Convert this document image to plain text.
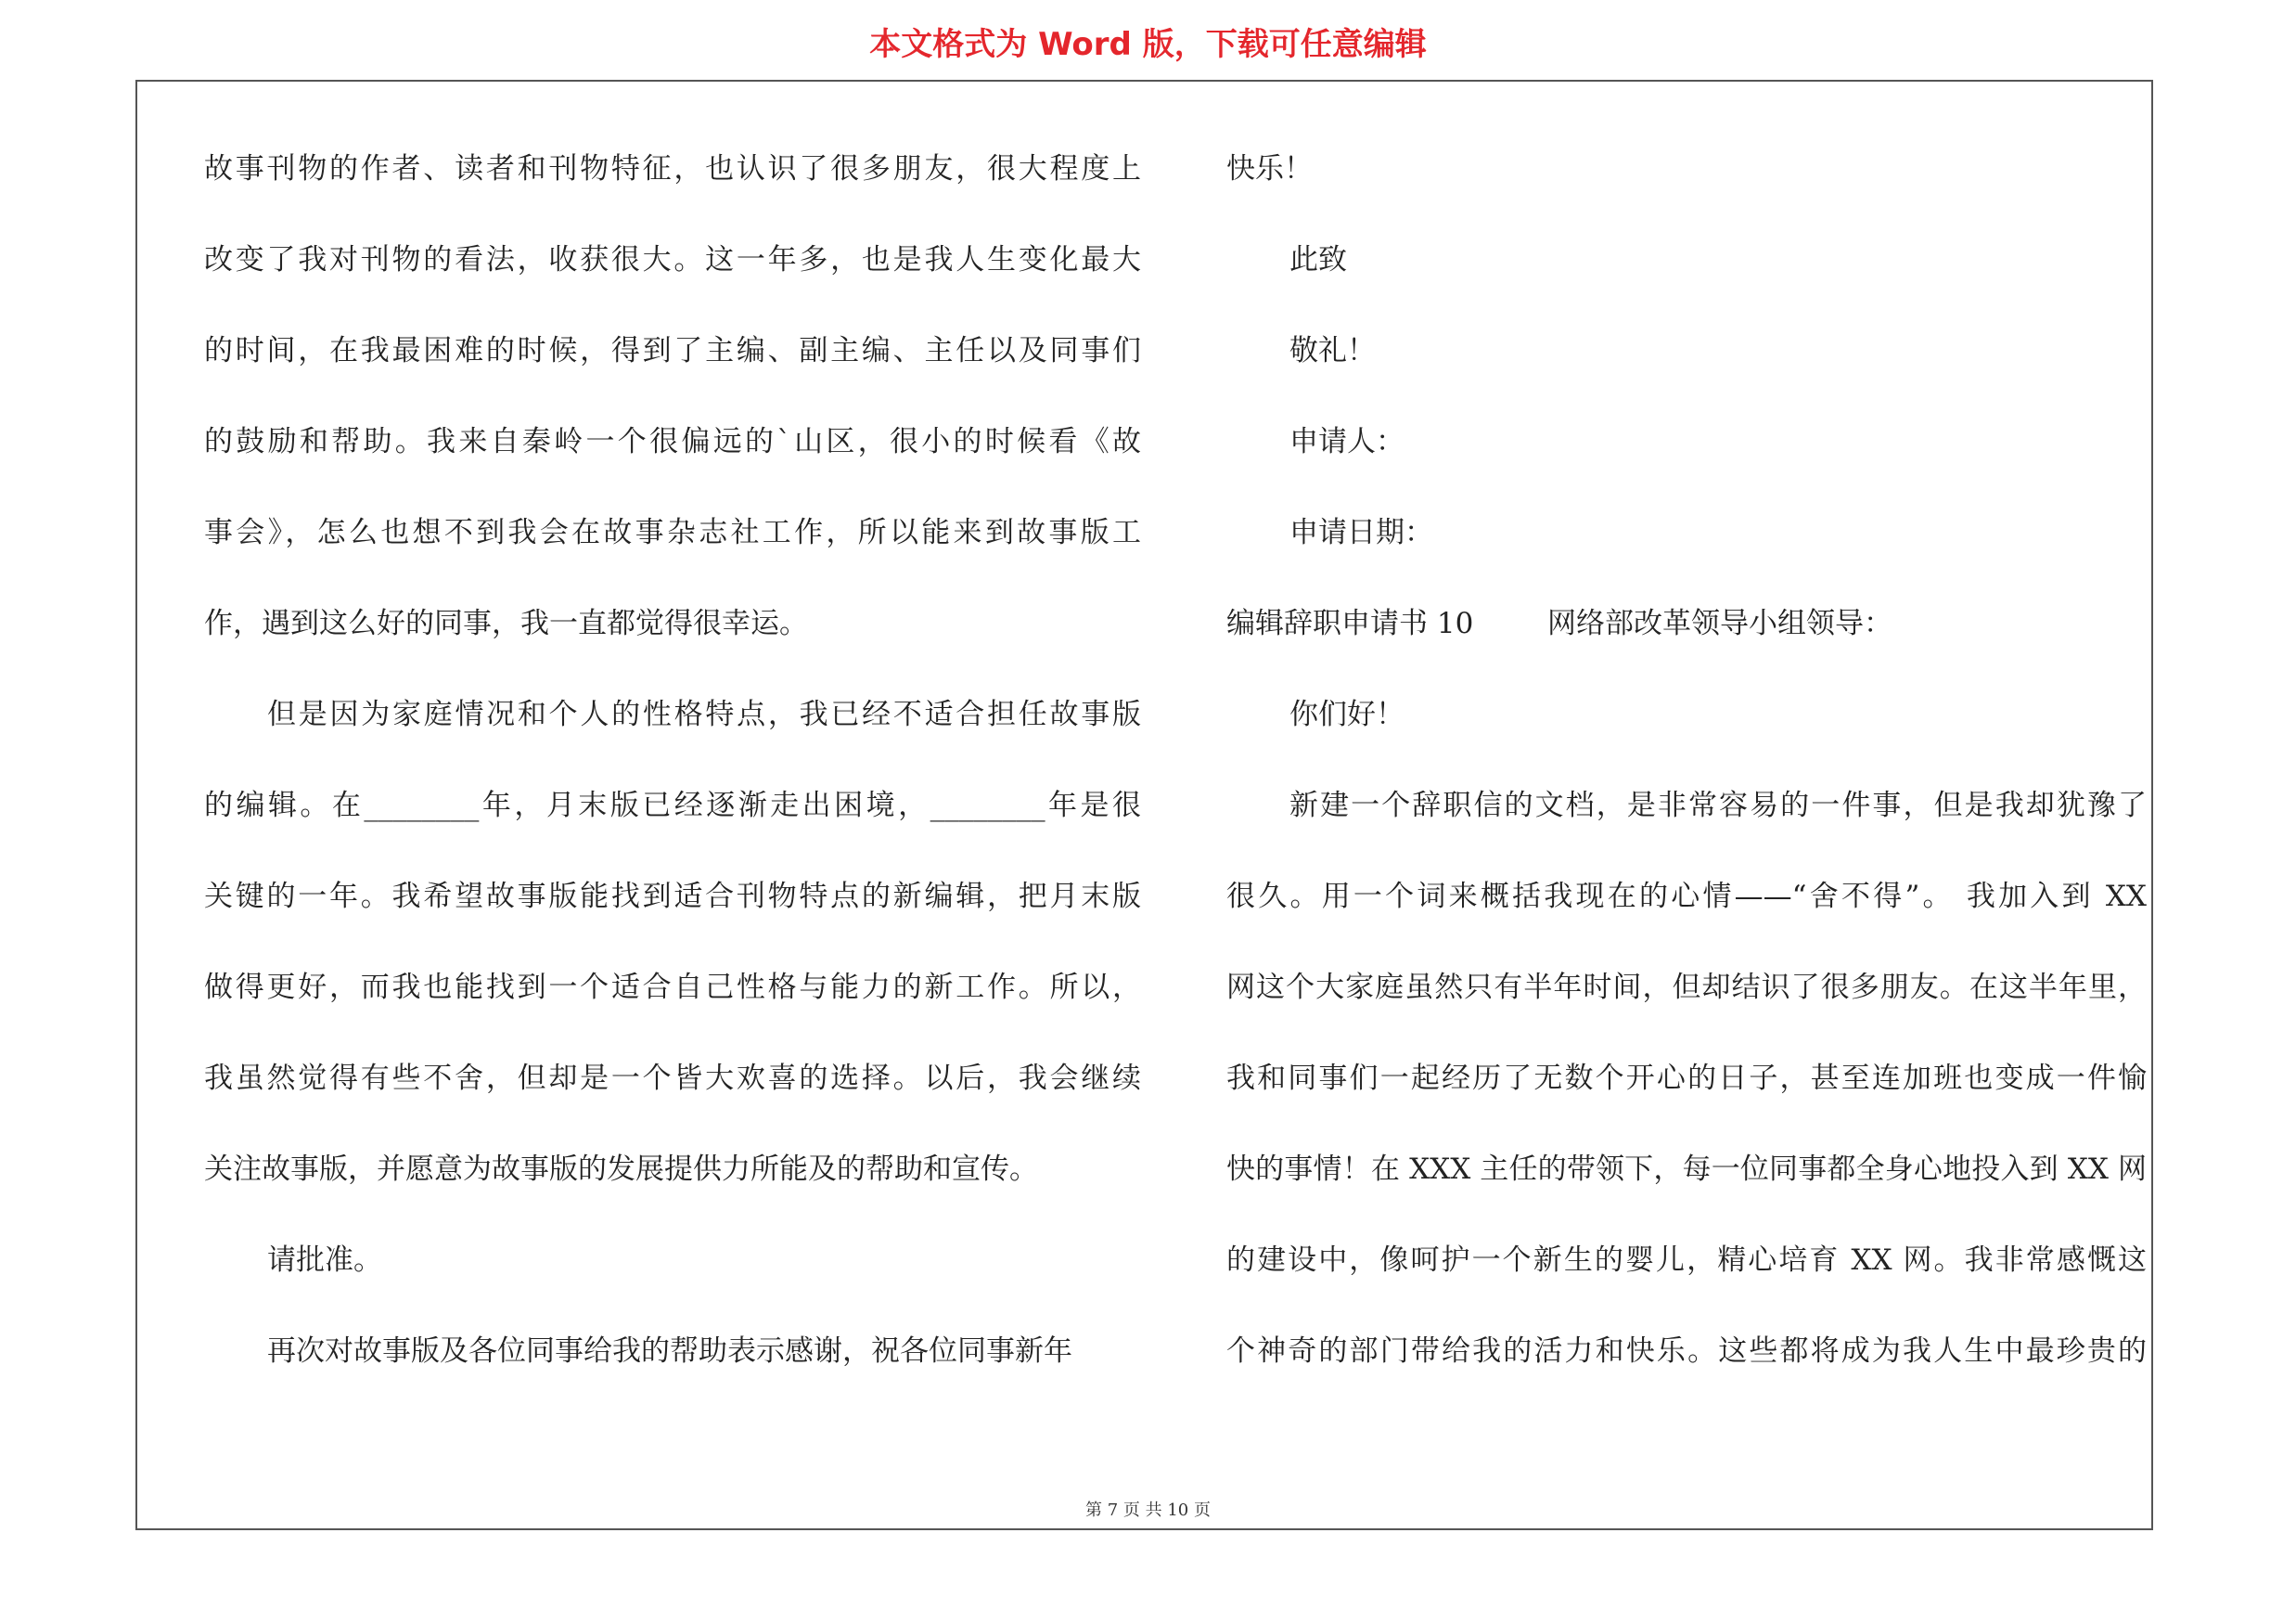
本文格式为 Word 版，下载可任意编辑
故事刊物的作者、读者和刊物特征，也认识了很多朋友，很大程度上
改变了我对刊物的看法，收获很大。这一年多，也是我人生变化最大
的时间，在我最困难的时候，得到了主编、副主编、主任以及同事们
的鼓励和帮助。我来自秦岭一个很偏远的`山区，很小的时候看《故
事会》，怎么也想不到我会在故事杂志社工作，所以能来到故事版工
作，遇到这么好的同事，我一直都觉得很幸运。
但是因为家庭情况和个人的性格特点，我已经不适合担任故事版
的编辑。在________年，月末版已经逐渐走出困境，________年是很
关键的一年。我希望故事版能找到适合刊物特点的新编辑，把月末版
做得更好，而我也能找到一个适合自己性格与能力的新工作。所以，
我虽然觉得有些不舍，但却是一个皆大欢喜的选择。以后，我会继续
关注故事版，并愿意为故事版的发展提供力所能及的帮助和宣传。
请批准。
再次对故事版及各位同事给我的帮助表示感谢，祝各位同事新年
快乐！
此致
敬礼！
申请人：
申请日期：
编辑辞职申请书 10	网络部改革领导小组领导：
你们好！
新建一个辞职信的文档，是非常容易的一件事，但是我却犹豫了
很久。用一个词来概括我现在的心情——“舍不得”。 我加入到 XX
网这个大家庭虽然只有半年时间，但却结识了很多朋友。在这半年里，
我和同事们一起经历了无数个开心的日子，甚至连加班也变成一件愉
快的事情！在 XXX 主任的带领下，每一位同事都全身心地投入到 XX 网
的建设中，像呵护一个新生的婴儿，精心培育 XX 网。我非常感慨这
个神奇的部门带给我的活力和快乐。这些都将成为我人生中最珍贵的
第 7 页 共 10 页
